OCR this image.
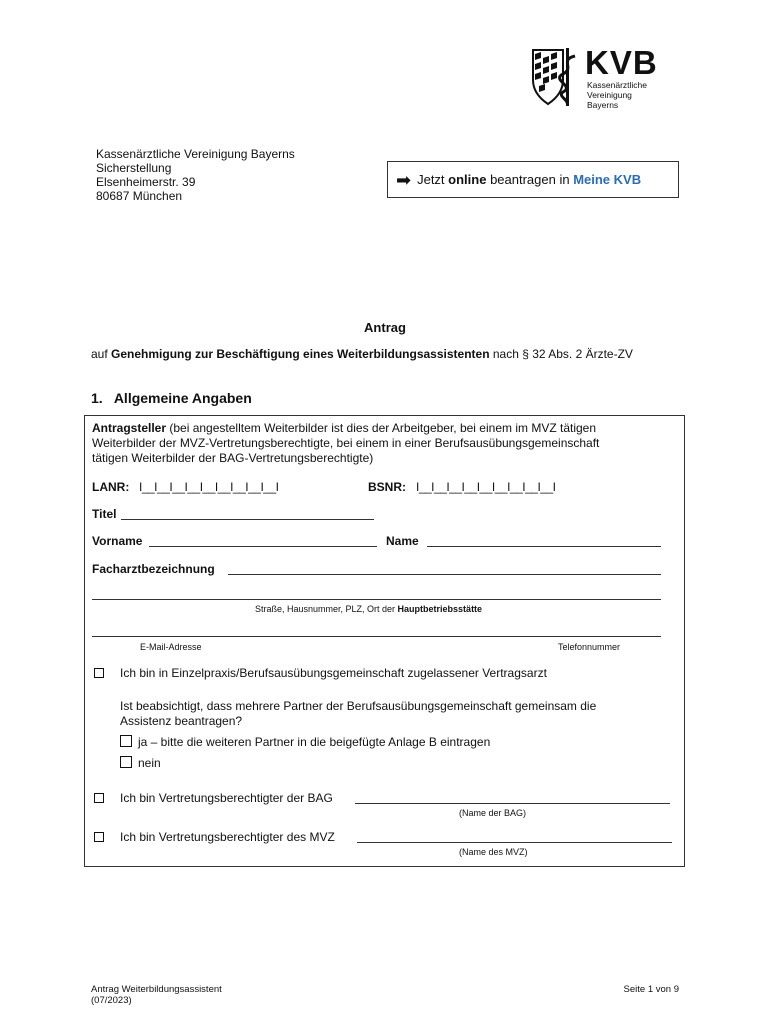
KVB
Kassenärztliche
Vereinigung
Bayerns
Kassenärztliche Vereinigung Bayerns
Sicherstellung
Elsenheimerstr. 39
80687 München
➡ Jetzt online beantragen in Meine KVB
Antrag
auf Genehmigung zur Beschäftigung eines Weiterbildungsassistenten nach § 32 Abs. 2 Ärzte-ZV
1.   Allgemeine Angaben
Antragsteller (bei angestelltem Weiterbilder ist dies der Arbeitgeber, bei einem im MVZ tätigen
Weiterbilder der MVZ-Vertretungsberechtigte, bei einem in einer Berufsausübungsgemeinschaft
tätigen Weiterbilder der BAG-Vertretungsberechtigte)
LANR: I__I__I__I__I__I__I__I__I__I	BSNR: I__I__I__I__I__I__I__I__I__I
Titel
Vorname	Name
Facharztbezeichnung
Straße, Hausnummer, PLZ, Ort der Hauptbetriebsstätte
E-Mail-Adresse	Telefonnummer
Ich bin in Einzelpraxis/Berufsausübungsgemeinschaft zugelassener Vertragsarzt
Ist beabsichtigt, dass mehrere Partner der Berufsausübungsgemeinschaft gemeinsam die
Assistenz beantragen?
ja – bitte die weiteren Partner in die beigefügte Anlage B eintragen
nein
Ich bin Vertretungsberechtigter der BAG
(Name der BAG)
Ich bin Vertretungsberechtigter des MVZ
(Name des MVZ)
Antrag Weiterbildungsassistent
(07/2023)
Seite 1 von 9
